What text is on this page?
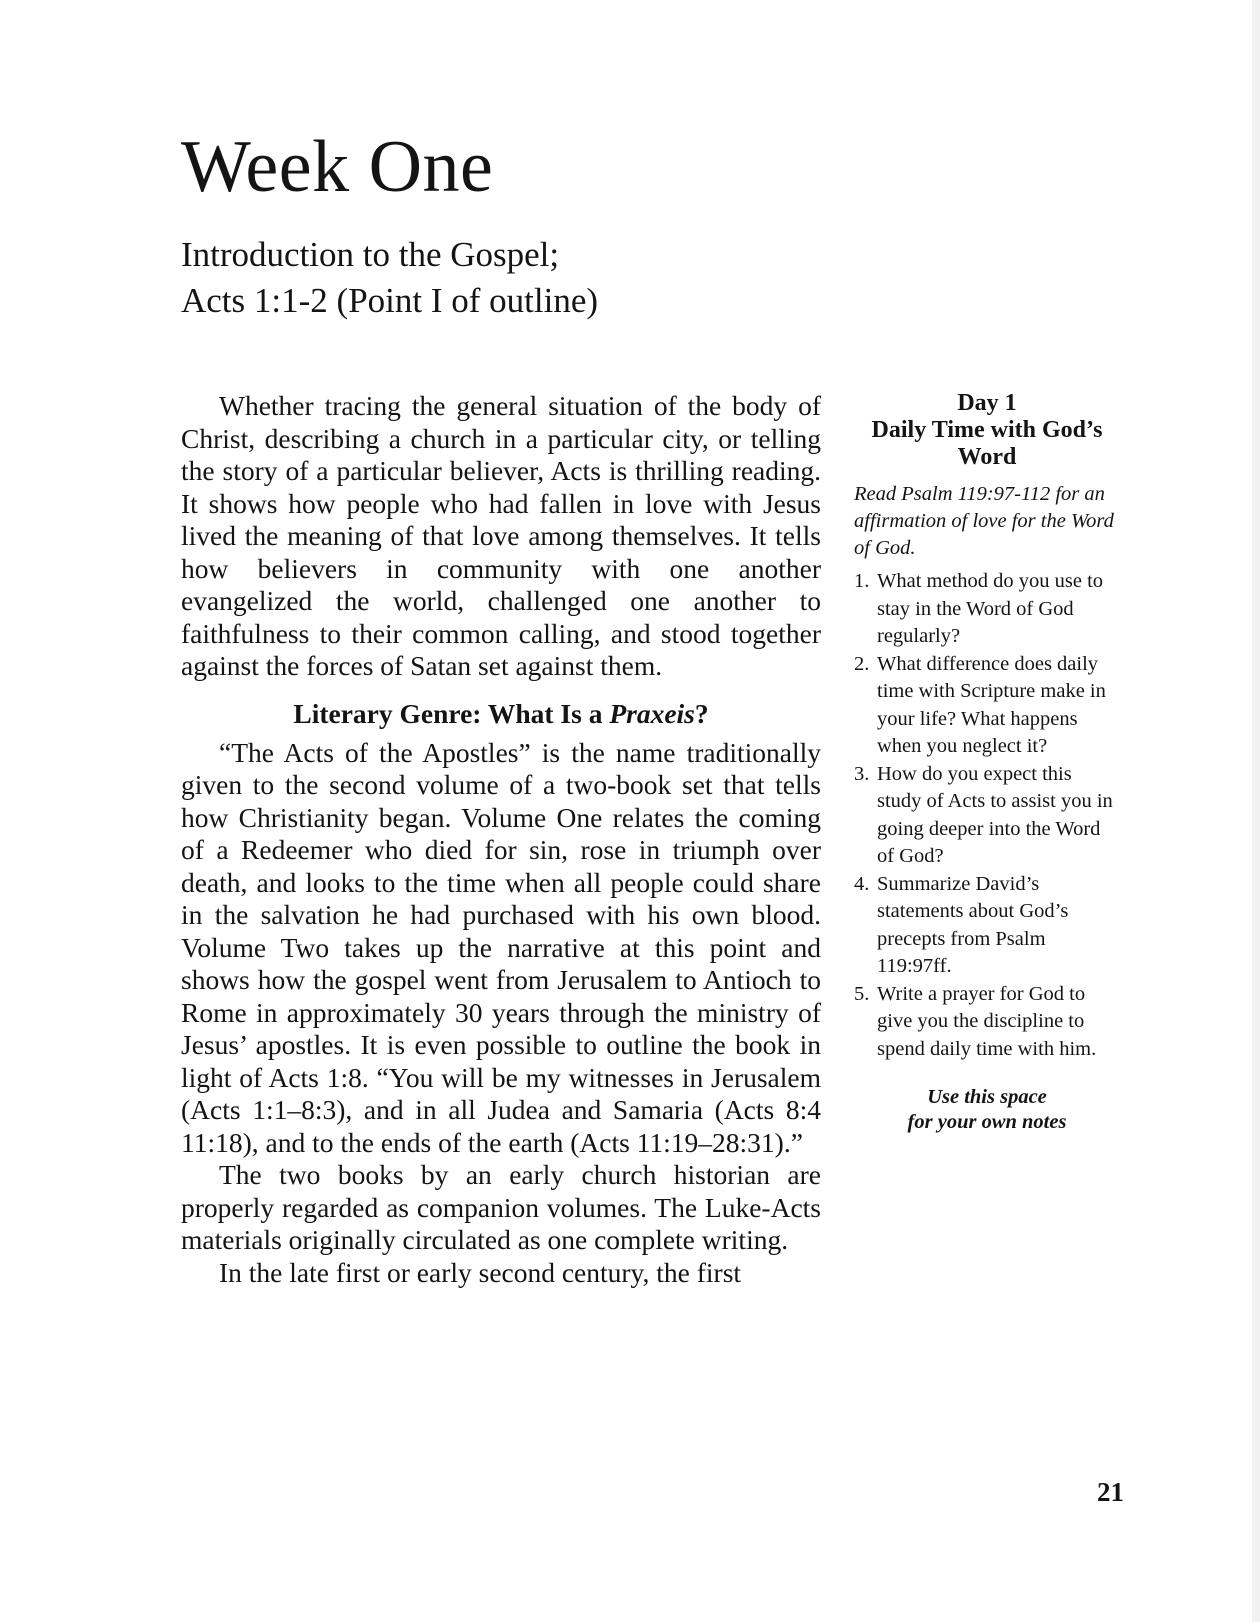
Week One
Introduction to the Gospel;
Acts 1:1-2 (Point I of outline)

Whether tracing the general situation of the body of Christ, describing a church in a particular city, or telling the story of a particular believer, Acts is thrilling reading. It shows how people who had fallen in love with Jesus lived the meaning of that love among themselves. It tells how believers in community with one another evangelized the world, challenged one another to faithfulness to their common calling, and stood together against the forces of Satan set against them.

Literary Genre: What Is a Praxeis?

“The Acts of the Apostles” is the name traditionally given to the second volume of a two-book set that tells how Christianity began. Volume One relates the coming of a Redeemer who died for sin, rose in triumph over death, and looks to the time when all people could share in the salvation he had purchased with his own blood. Volume Two takes up the narrative at this point and shows how the gospel went from Jerusalem to Antioch to Rome in approximately 30 years through the ministry of Jesus’ apostles. It is even possible to outline the book in light of Acts 1:8. “You will be my witnesses in Jerusalem (Acts 1:1–8:3), and in all Judea and Samaria (Acts 8:4 11:18), and to the ends of the earth (Acts 11:19–28:31).”

The two books by an early church historian are properly regarded as companion volumes. The Luke-Acts materials originally circulated as one complete writing.

In the late first or early second century, the first

Day 1
Daily Time with God’s
Word

Read Psalm 119:97-112 for an affirmation of love for the Word of God.

1. What method do you use to stay in the Word of God regularly?
2. What difference does daily time with Scripture make in your life? What happens when you neglect it?
3. How do you expect this study of Acts to assist you in going deeper into the Word of God?
4. Summarize David’s statements about God’s precepts from Psalm 119:97ff.
5. Write a prayer for God to give you the discipline to spend daily time with him.

Use this space
for your own notes

21
